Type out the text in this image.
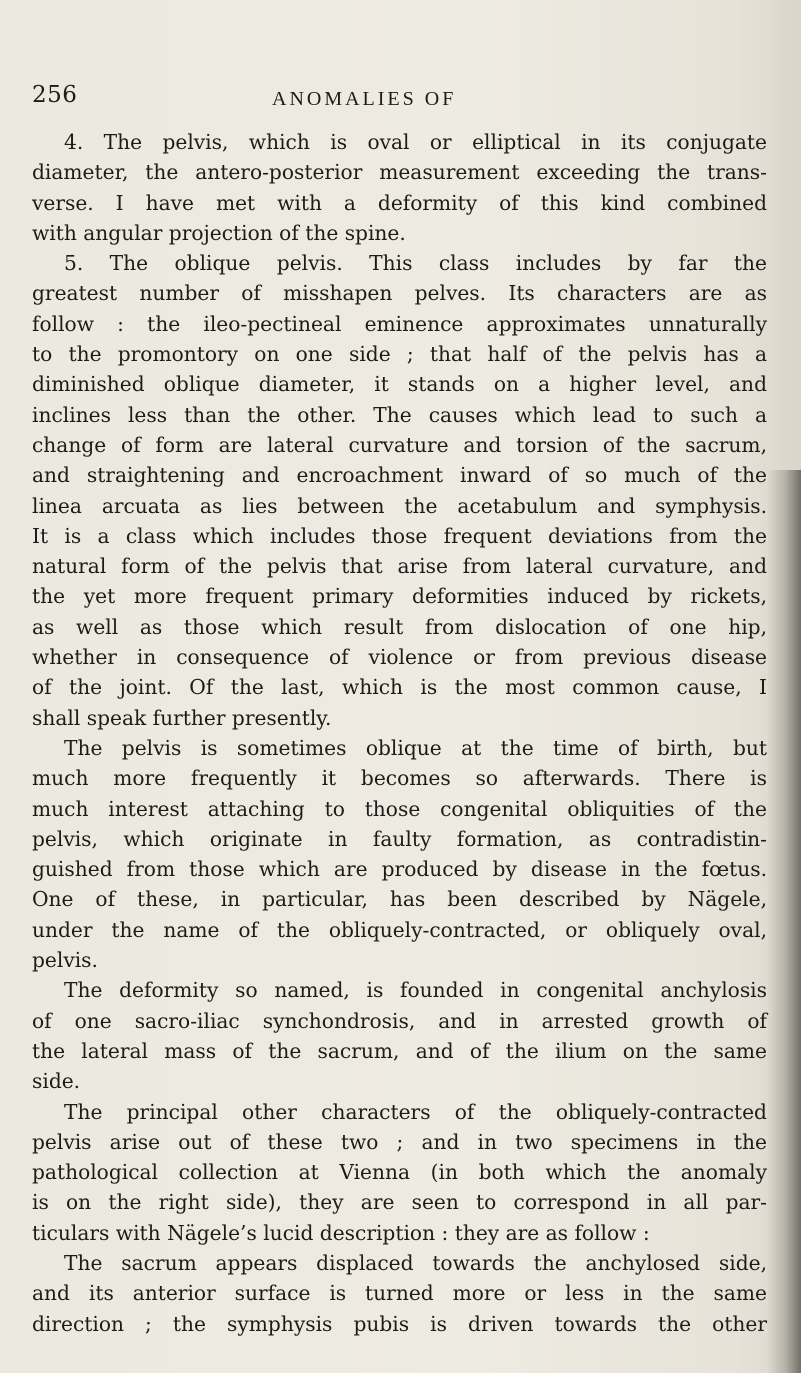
256	ANOMALIES OF
4. The pelvis, which is oval or elliptical in its conjugate
diameter, the antero-posterior measurement exceeding the trans-
verse. I have met with a deformity of this kind combined
with angular projection of the spine.
5. The oblique pelvis. This class includes by far the
greatest number of misshapen pelves. Its characters are as
follow : the ileo-pectineal eminence approximates unnaturally
to the promontory on one side ; that half of the pelvis has a
diminished oblique diameter, it stands on a higher level, and
inclines less than the other. The causes which lead to such a
change of form are lateral curvature and torsion of the sacrum,
and straightening and encroachment inward of so much of the
linea arcuata as lies between the acetabulum and symphysis.
It is a class which includes those frequent deviations from the
natural form of the pelvis that arise from lateral curvature, and
the yet more frequent primary deformities induced by rickets,
as well as those which result from dislocation of one hip,
whether in consequence of violence or from previous disease
of the joint. Of the last, which is the most common cause, I
shall speak further presently.
The pelvis is sometimes oblique at the time of birth, but
much more frequently it becomes so afterwards. There is
much interest attaching to those congenital obliquities of the
pelvis, which originate in faulty formation, as contradistin-
guished from those which are produced by disease in the fœtus.
One of these, in particular, has been described by Nägele,
under the name of the obliquely-contracted, or obliquely oval,
pelvis.
The deformity so named, is founded in congenital anchylosis
of one sacro-iliac synchondrosis, and in arrested growth of
the lateral mass of the sacrum, and of the ilium on the same
side.
The principal other characters of the obliquely-contracted
pelvis arise out of these two ; and in two specimens in the
pathological collection at Vienna (in both which the anomaly
is on the right side), they are seen to correspond in all par-
ticulars with Nägele’s lucid description : they are as follow :
The sacrum appears displaced towards the anchylosed side,
and its anterior surface is turned more or less in the same
direction ; the symphysis pubis is driven towards the other
